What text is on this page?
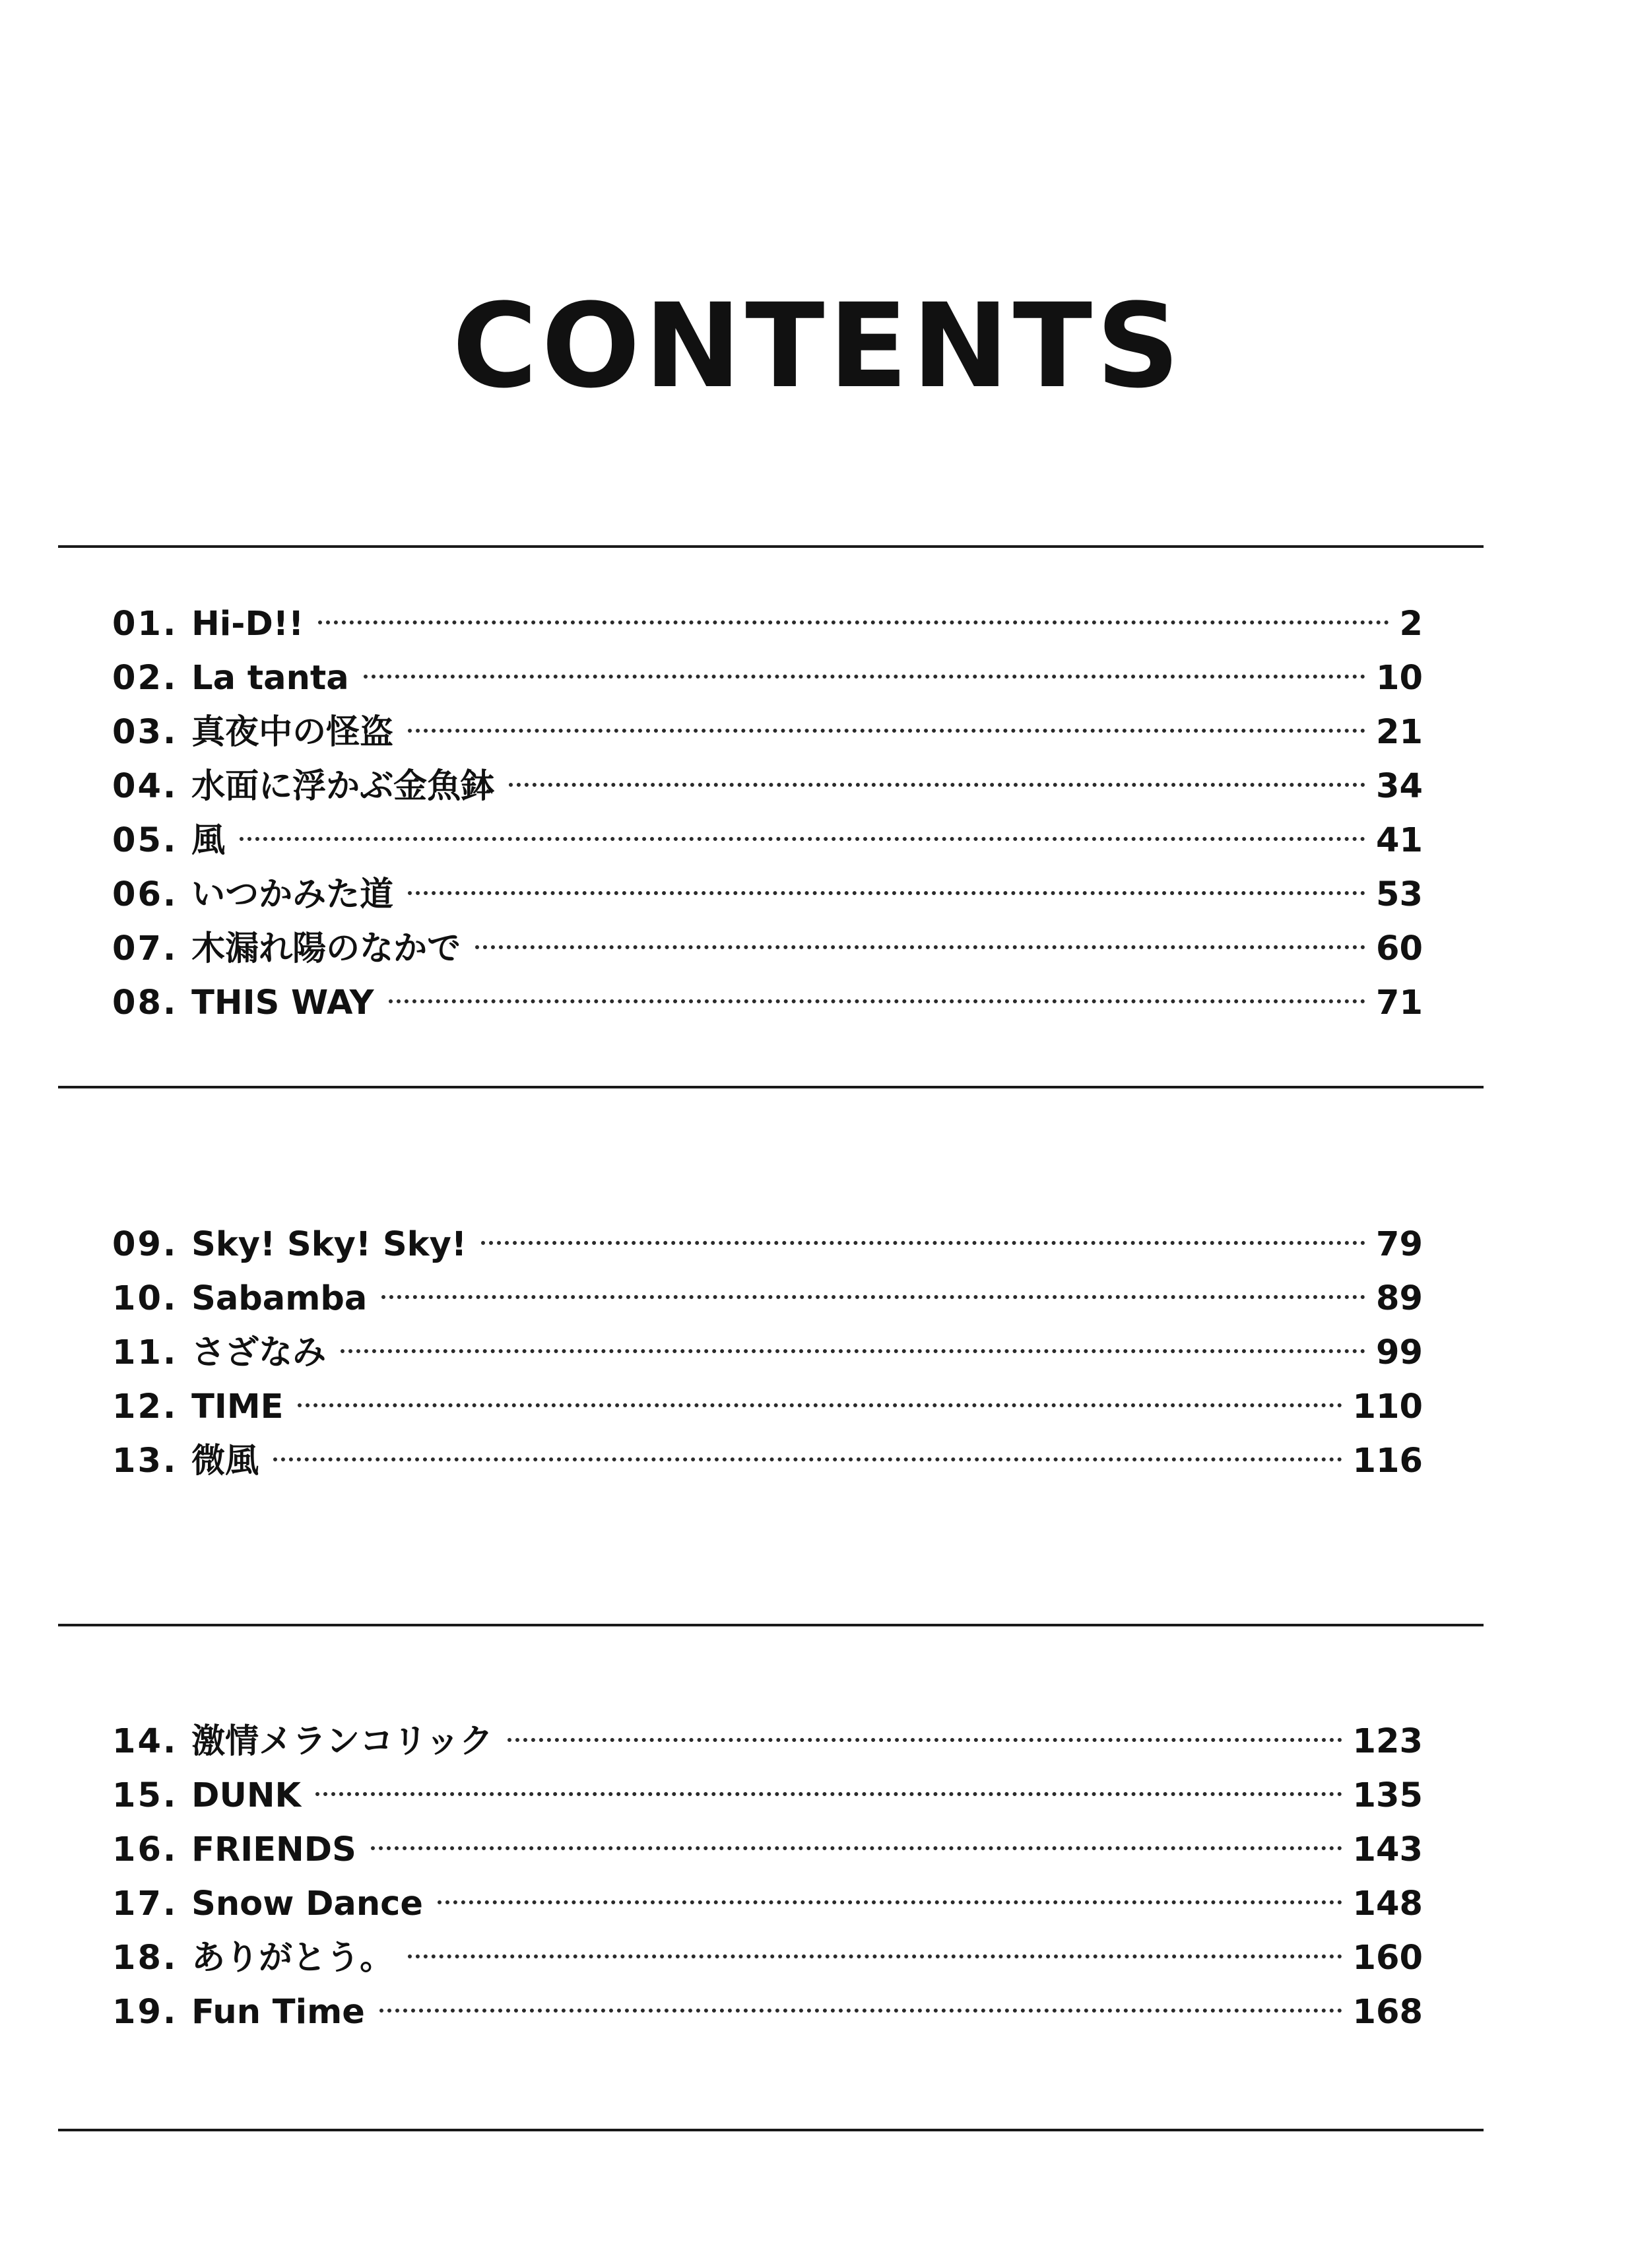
CONTENTS
01. Hi-D!!	2
02. La tanta	10
03. 真夜中の怪盗	21
04. 水面に浮かぶ金魚鉢	34
05. 風	41
06. いつかみた道	53
07. 木漏れ陽のなかで	60
08. THIS WAY	71
09. Sky! Sky! Sky!	79
10. Sabamba	89
11. さざなみ	99
12. TIME	110
13. 微風	116
14. 激情メランコリック	123
15. DUNK	135
16. FRIENDS	143
17. Snow Dance	148
18. ありがとう。	160
19. Fun Time	168
